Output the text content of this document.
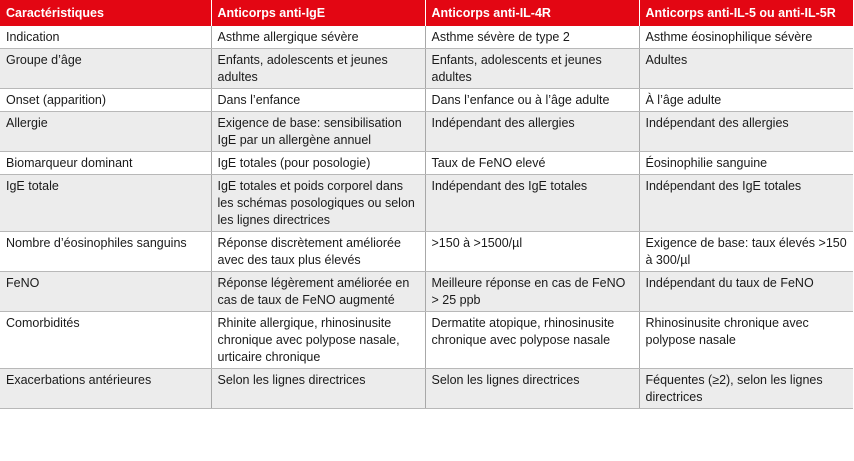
Caractéristiques	Anticorps anti-IgE	Anticorps anti-IL-4R	Anticorps anti-IL-5 ou anti-IL-5R
Indication	Asthme allergique sévère	Asthme sévère de type 2	Asthme éosinophilique sévère
Groupe d’âge	Enfants, adolescents et jeunes adultes	Enfants, adolescents et jeunes adultes	Adultes
Onset (apparition)	Dans l’enfance	Dans l’enfance ou à l’âge adulte	À l’âge adulte
Allergie	Exigence de base: sensibilisation IgE par un allergène annuel	Indépendant des allergies	Indépendant des allergies
Biomarqueur dominant	IgE totales (pour posologie)	Taux de FeNO elevé	Éosinophilie sanguine
IgE totale	IgE totales et poids corporel dans les schémas posologiques ou selon les lignes directrices	Indépendant des IgE totales	Indépendant des IgE totales
Nombre d’éosinophiles sanguins	Réponse discrètement améliorée avec des taux plus élevés	>150 à >1500/µl	Exigence de base: taux élevés >150 à 300/µl
FeNO	Réponse légèrement améliorée en cas de taux de FeNO augmenté	Meilleure réponse en cas de FeNO > 25 ppb	Indépendant du taux de FeNO
Comorbidités	Rhinite allergique, rhinosinusite chronique avec polypose nasale, urticaire chronique	Dermatite atopique, rhinosinusite chronique avec polypose nasale	Rhinosinusite chronique avec polypose nasale
Exacerbations antérieures	Selon les lignes directrices	Selon les lignes directrices	Féquentes (≥2), selon les lignes directrices
